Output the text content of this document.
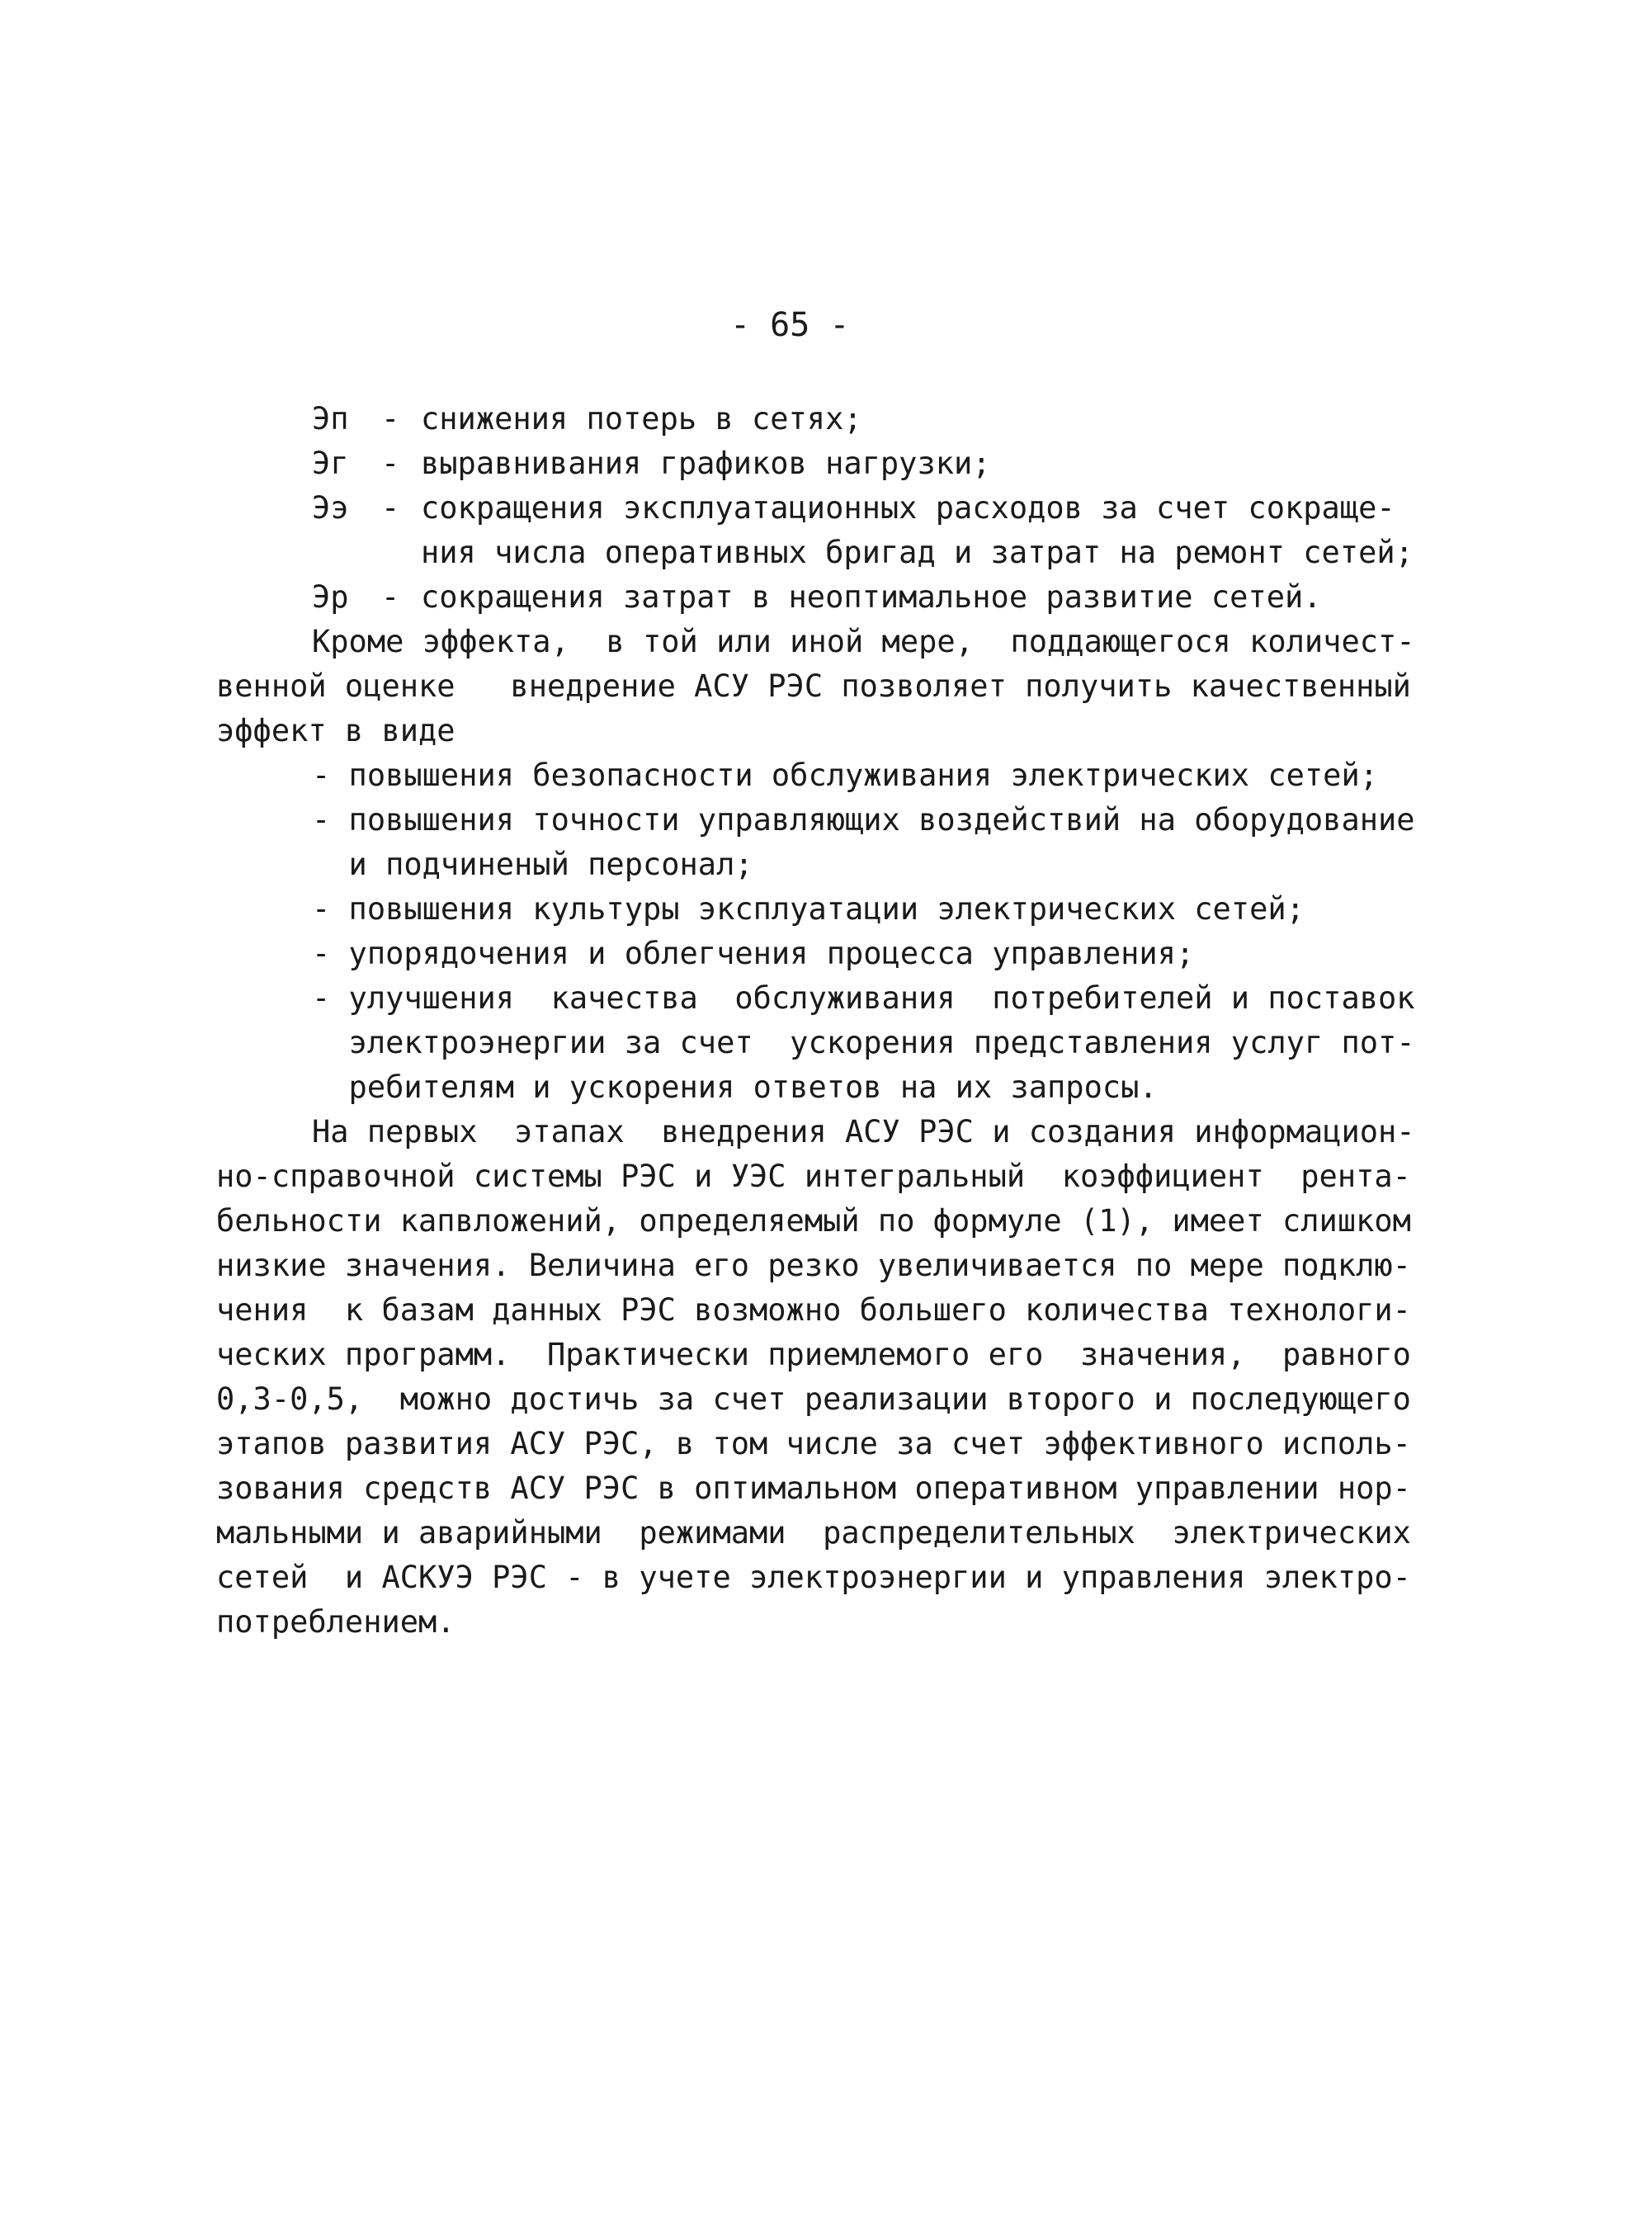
- 65 -
Эп - снижения потерь в сетях;
Эг - выравнивания графиков нагрузки;
Ээ - сокращения эксплуатационных расходов за счет сокраще-
ния числа оперативных бригад и затрат на ремонт сетей;
Эр - сокращения затрат в неоптимальное развитие сетей.
Кроме эффекта,  в той или иной мере,  поддающегося количест-
венной оценке   внедрение АСУ РЭС позволяет получить качественный
эффект в виде
- повышения безопасности обслуживания электрических сетей;
- повышения точности управляющих воздействий на оборудование
и подчиненый персонал;
- повышения культуры эксплуатации электрических сетей;
- упорядочения и облегчения процесса управления;
- улучшения  качества  обслуживания  потребителей и поставок
электроэнергии за счет  ускорения представления услуг пот-
ребителям и ускорения ответов на их запросы.
На первых  этапах  внедрения АСУ РЭС и создания информацион-
но-справочной системы РЭС и УЭС интегральный  коэффициент  рента-
бельности капвложений, определяемый по формуле (1), имеет слишком
низкие значения. Величина его резко увеличивается по мере подклю-
чения  к базам данных РЭС возможно большего количества технологи-
ческих программ.  Практически приемлемого его  значения,  равного
0,3-0,5,  можно достичь за счет реализации второго и последующего
этапов развития АСУ РЭС, в том числе за счет эффективного исполь-
зования средств АСУ РЭС в оптимальном оперативном управлении нор-
мальными и аварийными  режимами  распределительных  электрических
сетей  и АСКУЭ РЭС - в учете электроэнергии и управления электро-
потреблением.
